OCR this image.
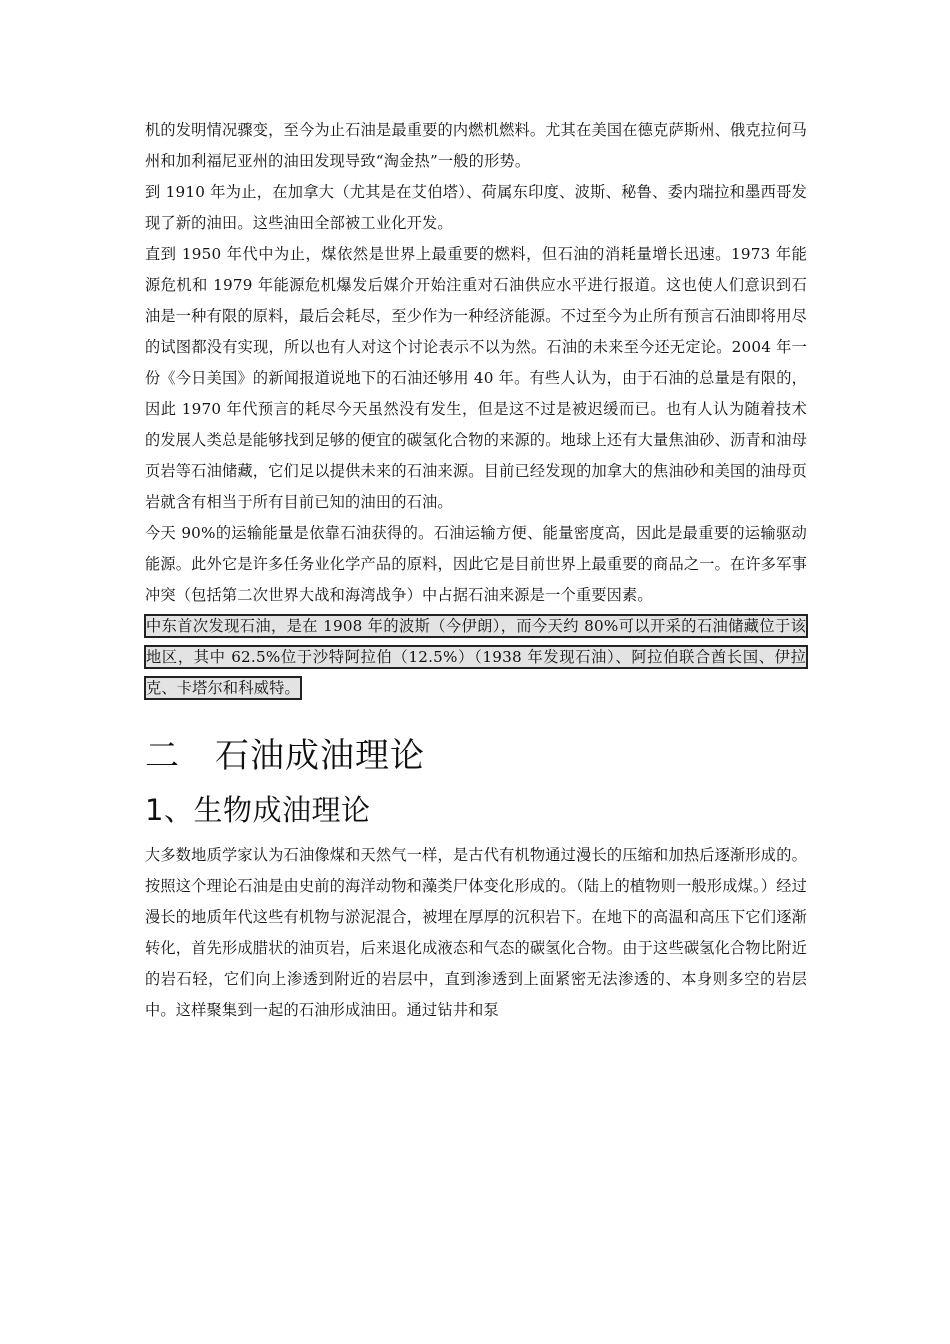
机的发明情况骤变，至今为止石油是最重要的内燃机燃料。尤其在美国在德克萨斯州、俄克拉何马州和加利福尼亚州的油田发现导致“淘金热”一般的形势。

到 1910 年为止，在加拿大（尤其是在艾伯塔）、荷属东印度、波斯、秘鲁、委内瑞拉和墨西哥发现了新的油田。这些油田全部被工业化开发。

直到 1950 年代中为止，煤依然是世界上最重要的燃料，但石油的消耗量增长迅速。1973 年能源危机和 1979 年能源危机爆发后媒介开始注重对石油供应水平进行报道。这也使人们意识到石油是一种有限的原料，最后会耗尽，至少作为一种经济能源。不过至今为止所有预言石油即将用尽的试图都没有实现，所以也有人对这个讨论表示不以为然。石油的未来至今还无定论。2004 年一份《今日美国》的新闻报道说地下的石油还够用 40 年。有些人认为，由于石油的总量是有限的，因此 1970 年代预言的耗尽今天虽然没有发生，但是这不过是被迟缓而已。也有人认为随着技术的发展人类总是能够找到足够的便宜的碳氢化合物的来源的。地球上还有大量焦油砂、沥青和油母页岩等石油储藏，它们足以提供未来的石油来源。目前已经发现的加拿大的焦油砂和美国的油母页岩就含有相当于所有目前已知的油田的石油。

今天 90%的运输能量是依靠石油获得的。石油运输方便、能量密度高，因此是最重要的运输驱动能源。此外它是许多任务业化学产品的原料，因此它是目前世界上最重要的商品之一。在许多军事冲突（包括第二次世界大战和海湾战争）中占据石油来源是一个重要因素。

中东首次发现石油，是在 1908 年的波斯（今伊朗），而今天约 80%可以开采的石油储藏位于该地区，其中 62.5%位于沙特阿拉伯（12.5%）（1938 年发现石油）、阿拉伯联合酋长国、伊拉克、卡塔尔和科威特。

二 石油成油理论
1、生物成油理论

大多数地质学家认为石油像煤和天然气一样，是古代有机物通过漫长的压缩和加热后逐渐形成的。按照这个理论石油是由史前的海洋动物和藻类尸体变化形成的。（陆上的植物则一般形成煤。）经过漫长的地质年代这些有机物与淤泥混合，被埋在厚厚的沉积岩下。在地下的高温和高压下它们逐渐转化，首先形成腊状的油页岩，后来退化成液态和气态的碳氢化合物。由于这些碳氢化合物比附近的岩石轻，它们向上渗透到附近的岩层中，直到渗透到上面紧密无法渗透的、本身则多空的岩层中。这样聚集到一起的石油形成油田。通过钻井和泵
